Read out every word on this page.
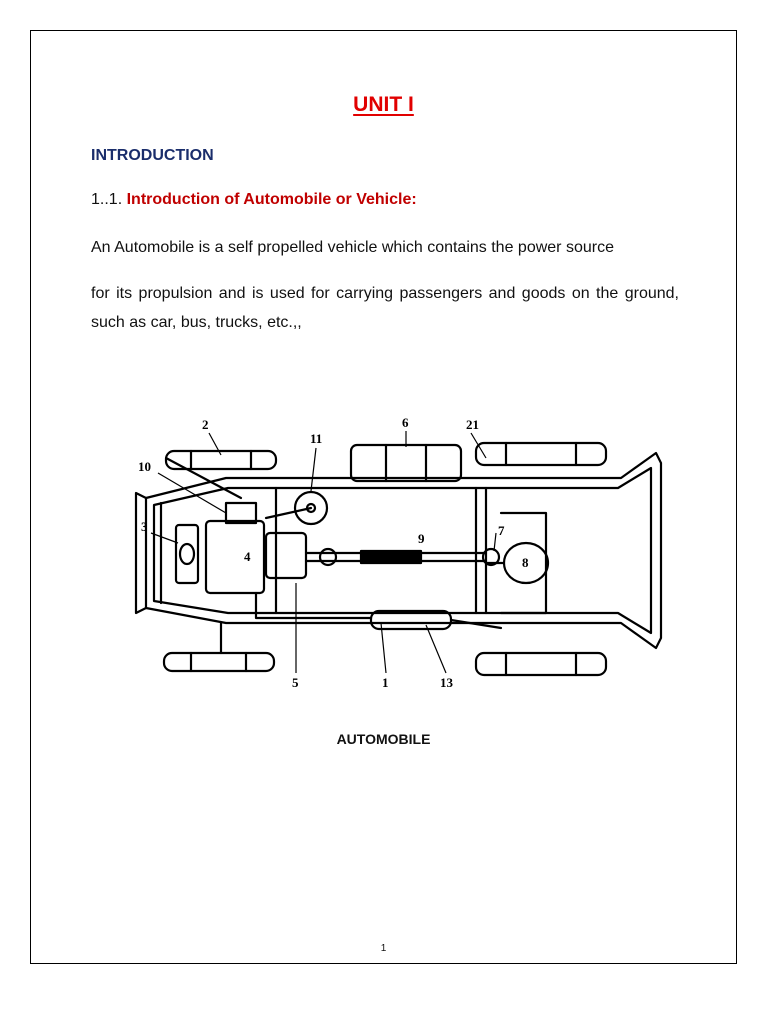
UNIT I
INTRODUCTION

1..1. Introduction of Automobile or Vehicle:

An Automobile is a self propelled vehicle which contains the power source

for its propulsion and is used for carrying passengers and goods on the ground, such as car, bus, trucks, etc.,,

2
11
6	21
10
3
4
9
7
8
5	1	13

AUTOMOBILE

1
